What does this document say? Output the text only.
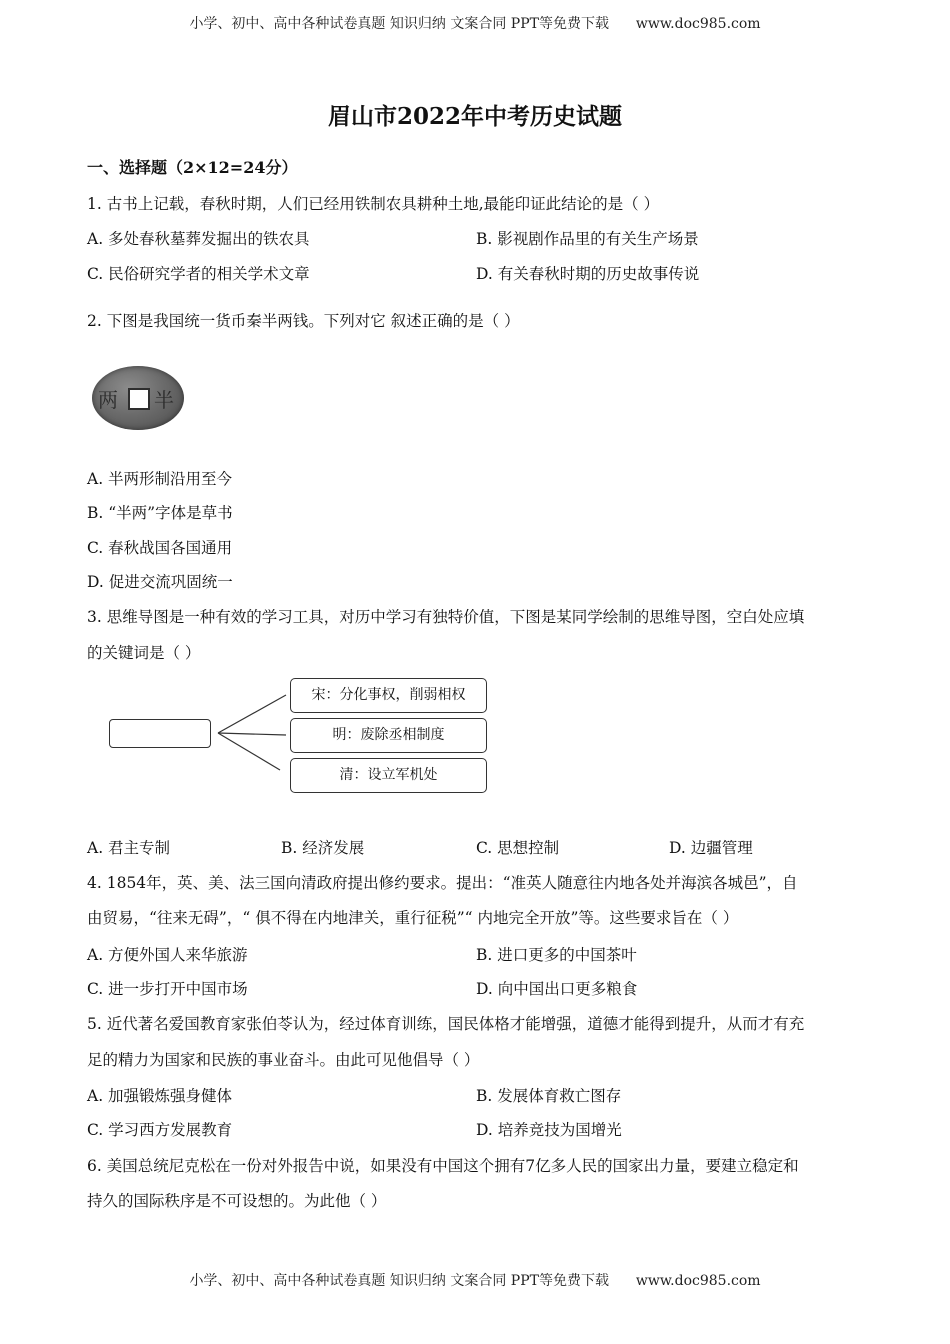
小学、初中、高中各种试卷真题 知识归纳 文案合同 PPT等免费下载 www.doc985.com
眉山市2022年中考历史试题
一、选择题（2×12=24分）
1. 古书上记载，春秋时期，人们已经用铁制农具耕种土地,最能印证此结论的是（ ）
A. 多处春秋墓葬发掘出的铁农具	B. 影视剧作品里的有关生产场景
C. 民俗研究学者的相关学术文章	D. 有关春秋时期的历史故事传说
2. 下图是我国统一货币秦半两钱。下列对它 叙述正确的是（ ）
两 半
A. 半两形制沿用至今
B. “半两”字体是草书
C. 春秋战国各国通用
D. 促进交流巩固统一
3. 思维导图是一种有效的学习工具，对历中学习有独特价值，下图是某同学绘制的思维导图，空白处应填
的关键词是（ ）
宋：分化事权，削弱相权
明：废除丞相制度
清：设立军机处
A. 君主专制	B. 经济发展	C. 思想控制	D. 边疆管理
4. 1854年，英、美、法三国向清政府提出修约要求。提出：“准英人随意往内地各处并海滨各城邑”，自
由贸易，“往来无碍”，“ 俱不得在内地津关，重行征税”“ 内地完全开放”等。这些要求旨在（ ）
A. 方便外国人来华旅游	B. 进口更多的中国茶叶
C. 进一步打开中国市场	D. 向中国出口更多粮食
5. 近代著名爱国教育家张伯苓认为，经过体育训练，国民体格才能增强，道德才能得到提升，从而才有充
足的精力为国家和民族的事业奋斗。由此可见他倡导（ ）
A. 加强锻炼强身健体	B. 发展体育救亡图存
C. 学习西方发展教育	D. 培养竞技为国增光
6. 美国总统尼克松在一份对外报告中说，如果没有中国这个拥有7亿多人民的国家出力量，要建立稳定和
持久的国际秩序是不可设想的。为此他（ ）
小学、初中、高中各种试卷真题 知识归纳 文案合同 PPT等免费下载 www.doc985.com
